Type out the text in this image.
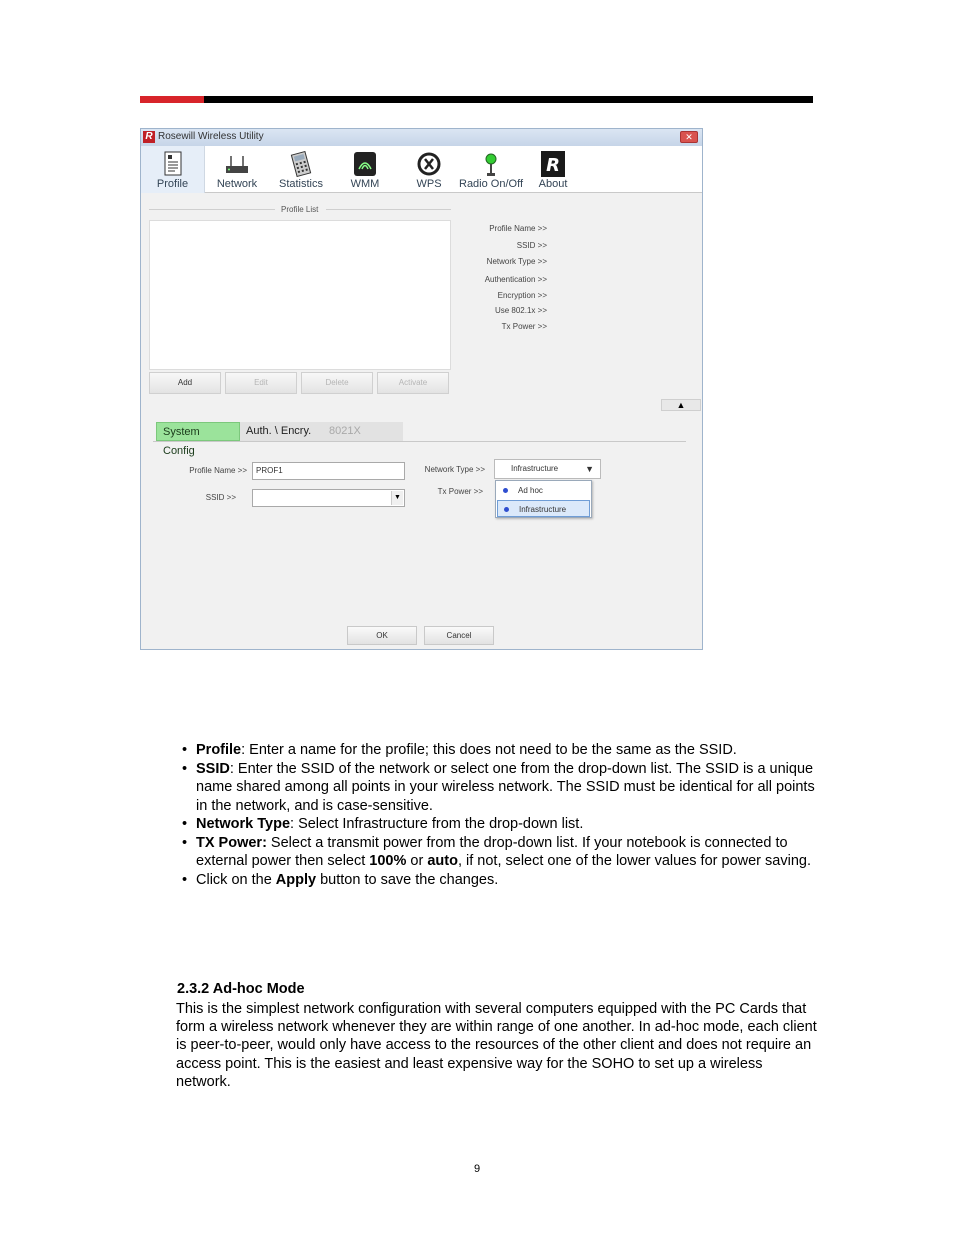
R Rosewill Wireless Utility	✕
Profile	Network	Statistics	WMM	WPS	Radio On/Off
R
About
Profile List
Profile Name >>
SSID >>
Network Type >>
Authentication >>
Encryption >>
Use 802.1x >>
Tx Power >>
Add	Edit	Delete	Activate
▲
System Config
Auth. \ Encry.	8021X
Profile Name >>	PROF1
SSID >>	▼
Network Type >>	Infrastructure	▼
Tx Power >>	Ad hoc
Infrastructure
OK	Cancel
• Profile: Enter a name for the profile; this does not need to be the same as the SSID.
• SSID: Enter the SSID of the network or select one from the drop-down list. The SSID is a unique name shared among all points in your wireless network. The SSID must be identical for all points in the network, and is case-sensitive.
• Network Type: Select Infrastructure from the drop-down list.
• TX Power: Select a transmit power from the drop-down list. If your notebook is connected to external power then select 100% or auto, if not, select one of the lower values for power saving.
• Click on the Apply button to save the changes.
2.3.2 Ad-hoc Mode
This is the simplest network configuration with several computers equipped with the PC Cards that form a wireless network whenever they are within range of one another. In ad-hoc mode, each client is peer-to-peer, would only have access to the resources of the other client and does not require an access point. This is the easiest and least expensive way for the SOHO to set up a wireless network.
9
